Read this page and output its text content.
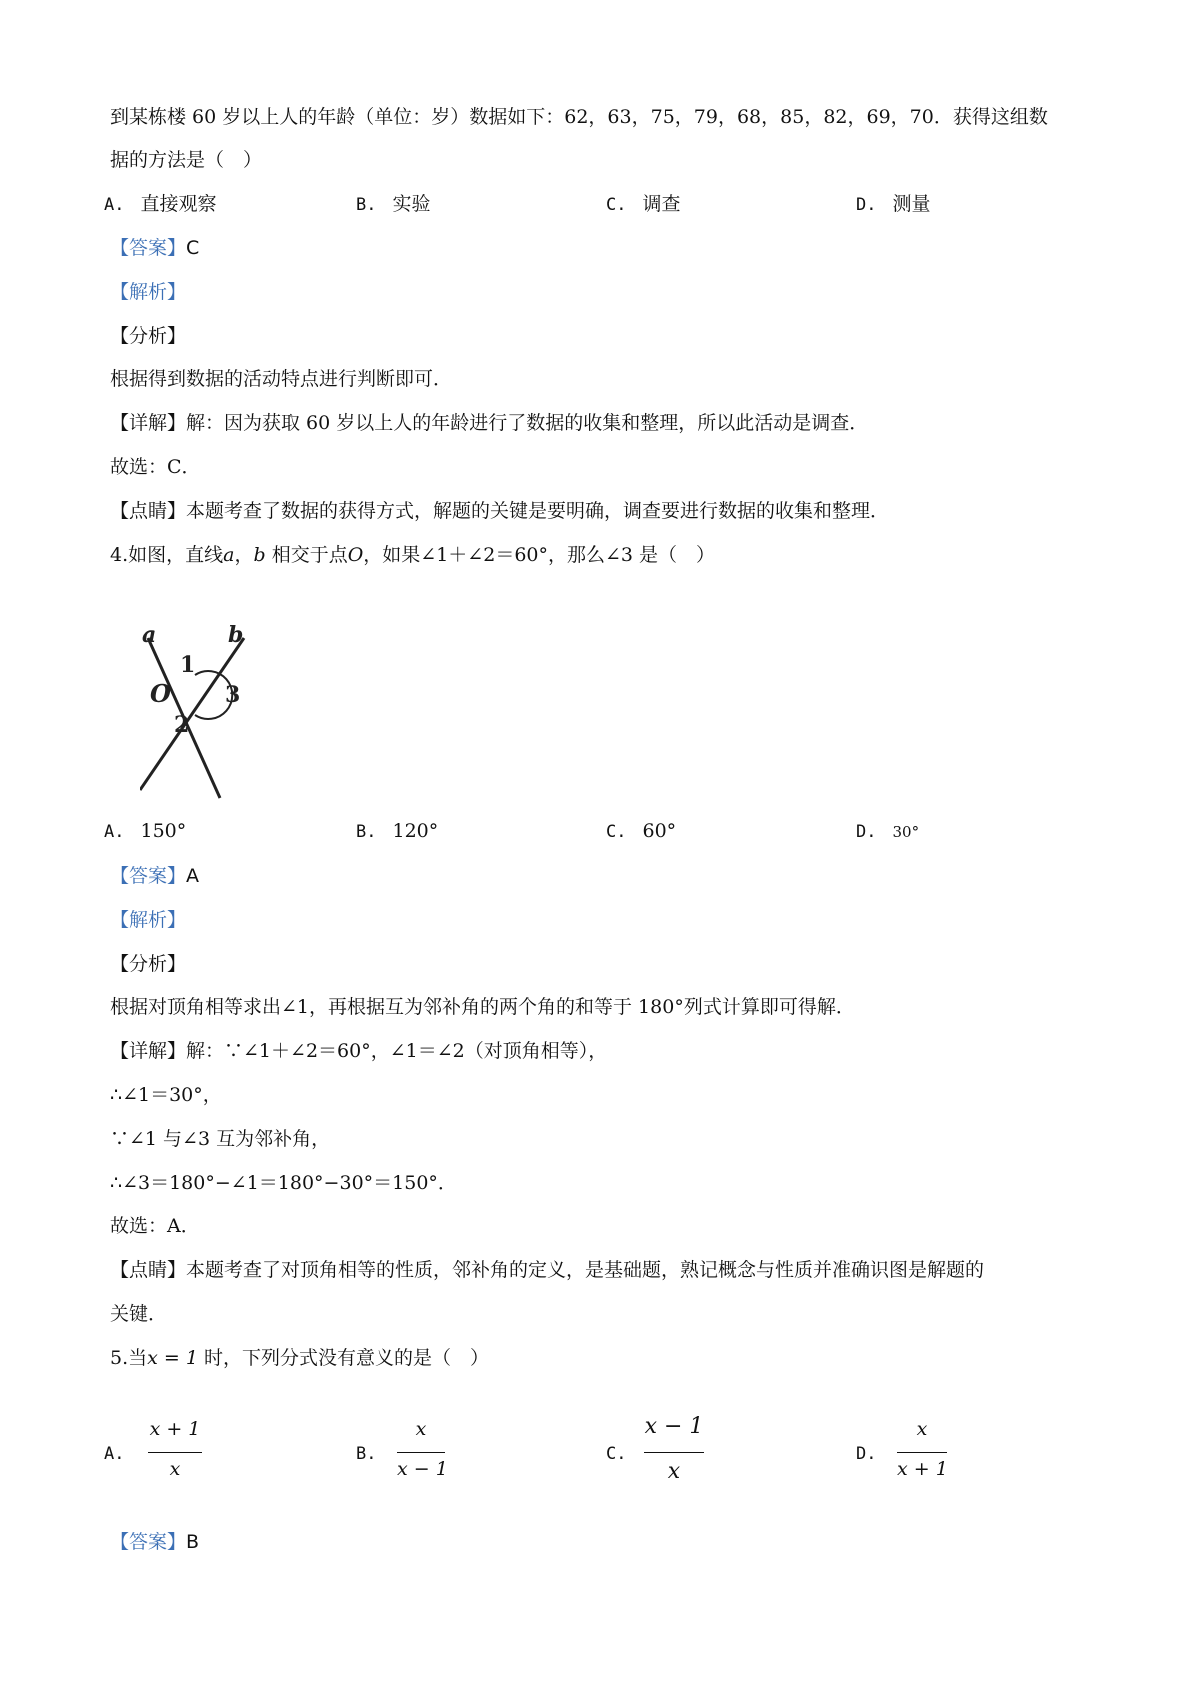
到某栋楼 60 岁以上人的年龄（单位：岁）数据如下：62，63，75，79，68，85，82，69，70．获得这组数
据的方法是（　）
A. 直接观察	B. 实验	C. 调查	D. 测量
【答案】C
【解析】
【分析】
根据得到数据的活动特点进行判断即可．
【详解】解：因为获取 60 岁以上人的年龄进行了数据的收集和整理，所以此活动是调查．
故选：C．
【点睛】本题考查了数据的获得方式，解题的关键是要明确，调查要进行数据的收集和整理．
4.如图，直线a，b 相交于点O，如果∠1＋∠2＝60°，那么∠3 是（　）
a	b
O
1
2
3
A. 150°	B. 120°	C. 60°	D. 30°
【答案】A
【解析】
【分析】
根据对顶角相等求出∠1，再根据互为邻补角的两个角的和等于 180°列式计算即可得解．
【详解】解：∵∠1＋∠2＝60°，∠1＝∠2（对顶角相等），
∴∠1＝30°，
∵∠1 与∠3 互为邻补角，
∴∠3＝180°−∠1＝180°−30°＝150°．
故选：A．
【点睛】本题考查了对顶角相等的性质，邻补角的定义，是基础题，熟记概念与性质并准确识图是解题的
关键．
5.当x = 1 时，下列分式没有意义的是（　）
A.
x + 1
x
B.
x
x − 1
C.
x − 1
x
D.
x
x + 1
【答案】B
